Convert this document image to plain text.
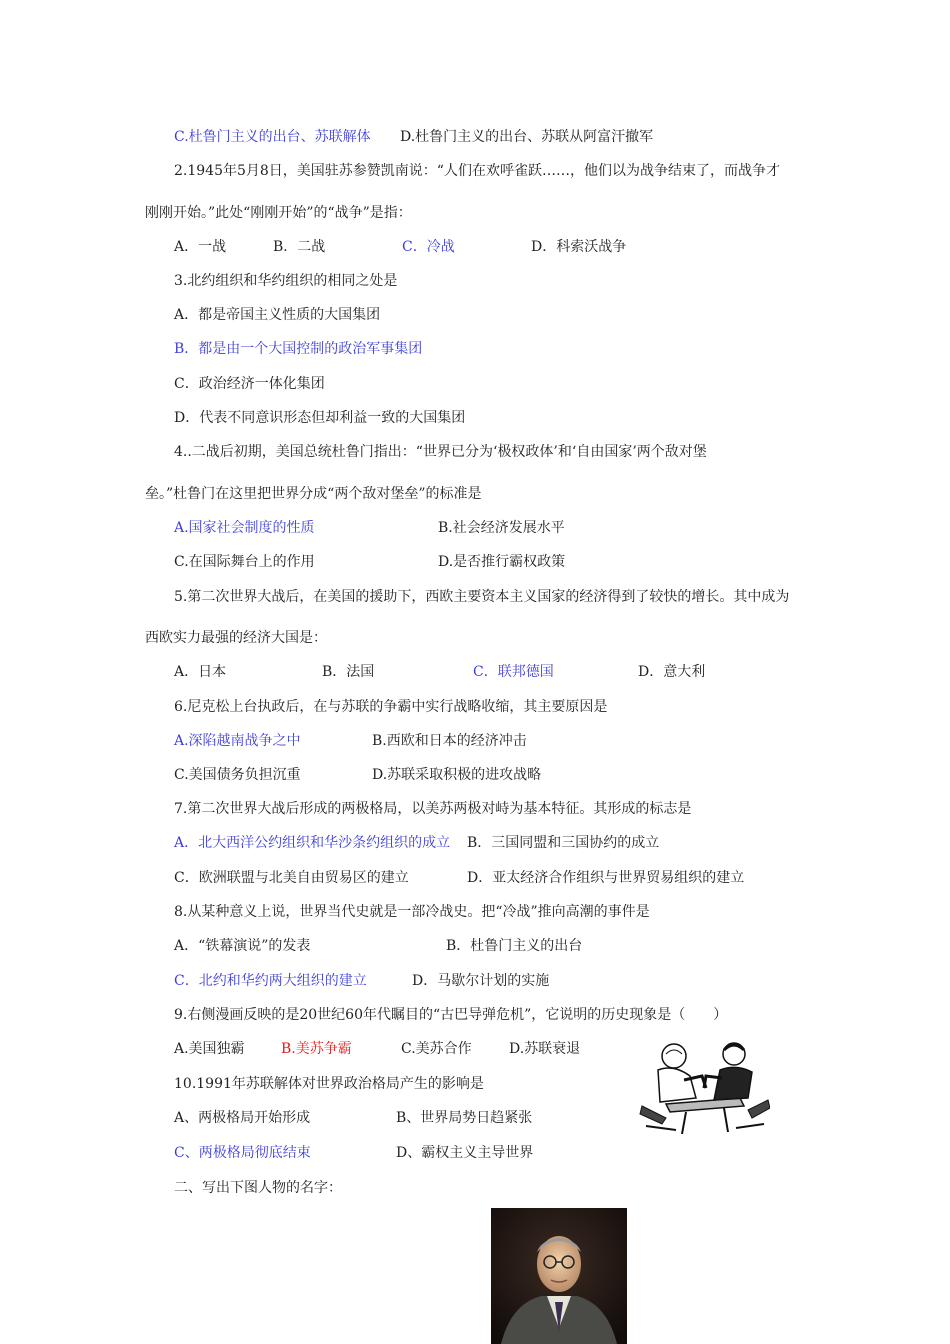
C.杜鲁门主义的出台、苏联解体 D.杜鲁门主义的出台、苏联从阿富汗撤军
2.1945年5月8日，美国驻苏参赞凯南说：“人们在欢呼雀跃……，他们以为战争结束了，而战争才
刚刚开始。”此处“刚刚开始”的“战争”是指：
A．一战	B．二战	C．冷战	D．科索沃战争
3.北约组织和华约组织的相同之处是
A．都是帝国主义性质的大国集团
B．都是由一个大国控制的政治军事集团
C．政治经济一体化集团
D．代表不同意识形态但却利益一致的大国集团
4..二战后初期，美国总统杜鲁门指出：“世界已分为‘极权政体’和‘自由国家’两个敌对堡
垒。”杜鲁门在这里把世界分成“两个敌对堡垒”的标准是
A.国家社会制度的性质	B.社会经济发展水平
C.在国际舞台上的作用	D.是否推行霸权政策
5.第二次世界大战后，在美国的援助下，西欧主要资本主义国家的经济得到了较快的增长。其中成为
西欧实力最强的经济大国是：
A．日本	B．法国	C．联邦德国	D．意大利
6.尼克松上台执政后，在与苏联的争霸中实行战略收缩，其主要原因是
A.深陷越南战争之中	B.西欧和日本的经济冲击
C.美国债务负担沉重	D.苏联采取积极的进攻战略
7.第二次世界大战后形成的两极格局，以美苏两极对峙为基本特征。其形成的标志是
A．北大西洋公约组织和华沙条约组织的成立 B．三国同盟和三国协约的成立
C．欧洲联盟与北美自由贸易区的建立	D．亚太经济合作组织与世界贸易组织的建立
8.从某种意义上说，世界当代史就是一部冷战史。把“冷战”推向高潮的事件是
A．“铁幕演说”的发表	B．杜鲁门主义的出台
C．北约和华约两大组织的建立	D．马歇尔计划的实施
9.右侧漫画反映的是20世纪60年代瞩目的“古巴导弹危机”，它说明的历史现象是（　　）
A.美国独霸	B.美苏争霸	C.美苏合作	D.苏联衰退
10.1991年苏联解体对世界政治格局产生的影响是
A、两极格局开始形成	B、世界局势日趋紧张
C、两极格局彻底结束	D、霸权主义主导世界
二、写出下图人物的名字：
